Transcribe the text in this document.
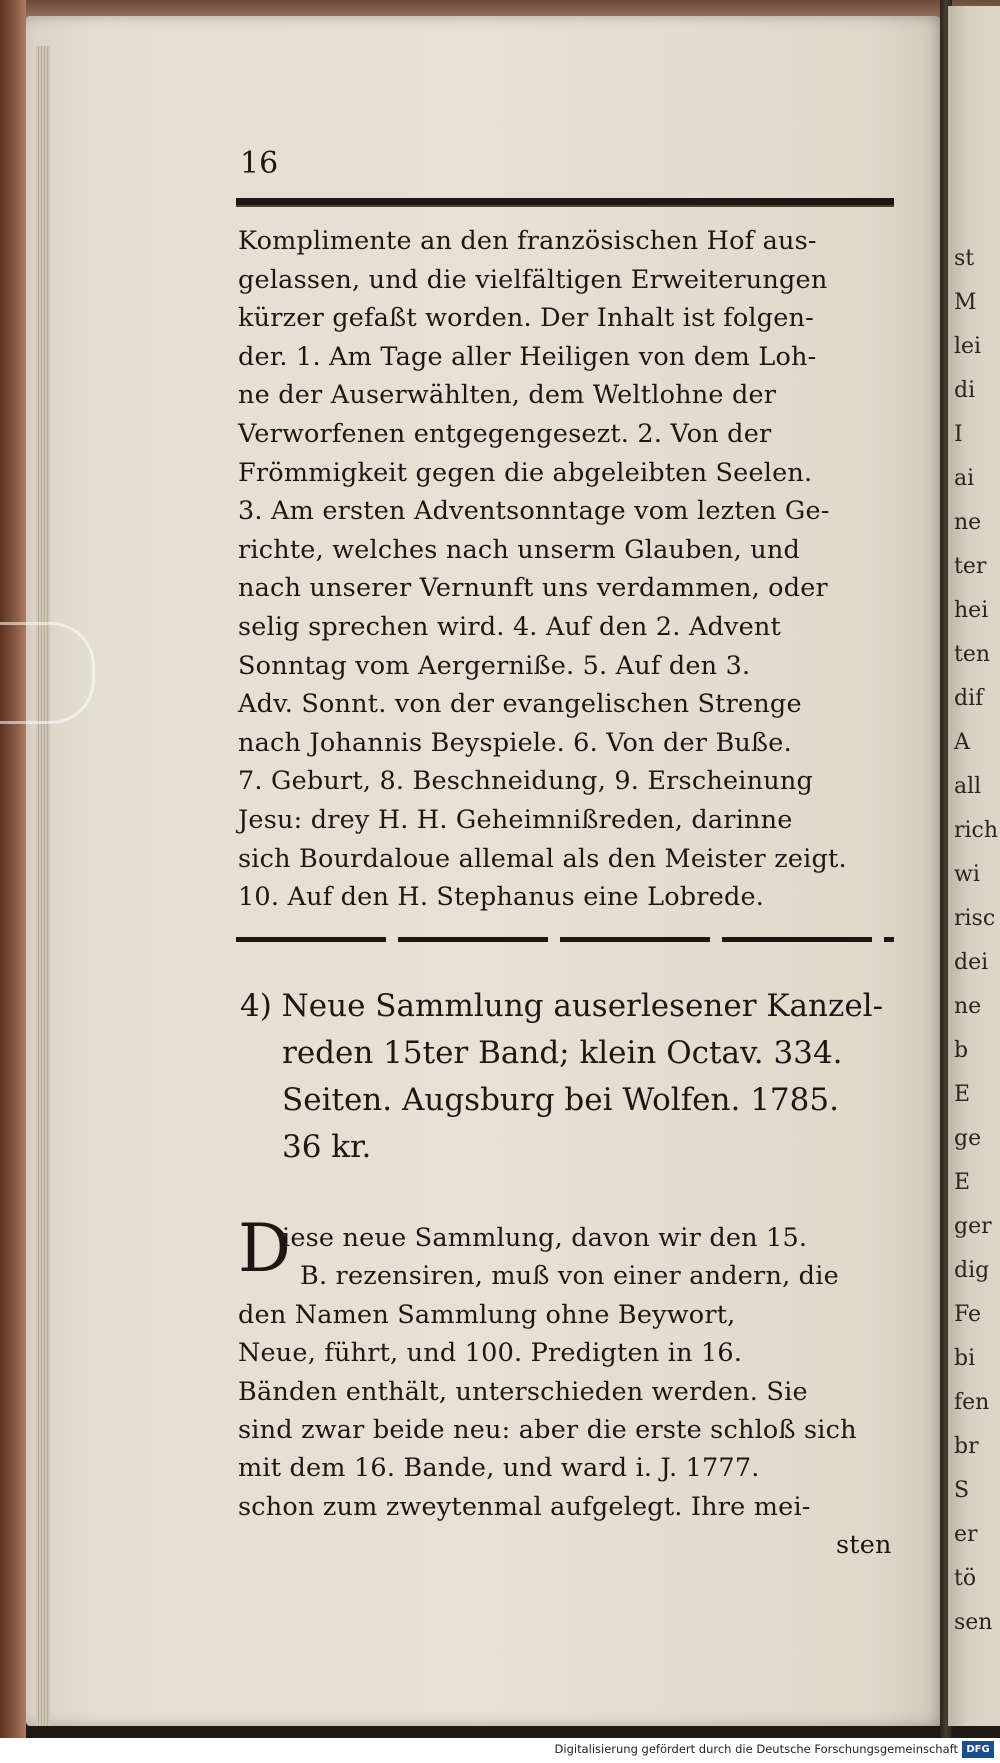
st
M
lei
di
I
ai
ne
ter
hei
ten
dif
A
all
rich
wi
risc
dei
ne
b
E
ge
E
ger
dig
Fe
bi
fen
br
S
er
tö
sen
16
Komplimente an den französischen Hof aus-
gelassen, und die vielfältigen Erweiterungen
kürzer gefaßt worden. Der Inhalt ist folgen-
der. 1. Am Tage aller Heiligen von dem Loh-
ne der Auserwählten, dem Weltlohne der
Verworfenen entgegengesezt. 2. Von der
Frömmigkeit gegen die abgeleibten Seelen.
3. Am ersten Adventsonntage vom lezten Ge-
richte, welches nach unserm Glauben, und
nach unserer Vernunft uns verdammen, oder
selig sprechen wird. 4. Auf den 2. Advent
Sonntag vom Aergerniße. 5. Auf den 3.
Adv. Sonnt. von der evangelischen Strenge
nach Johannis Beyspiele. 6. Von der Buße.
7. Geburt, 8. Beschneidung, 9. Erscheinung
Jesu: drey H. H. Geheimnißreden, darinne
sich Bourdaloue allemal als den Meister zeigt.
10. Auf den H. Stephanus eine Lobrede.
4) Neue Sammlung auserlesener Kanzel-
reden 15ter Band; klein Octav. 334.
Seiten. Augsburg bei Wolfen. 1785.
36 kr.
D
iese neue Sammlung, davon wir den 15.
B. rezensiren, muß von einer andern, die
den Namen Sammlung ohne Beywort,
Neue, führt, und 100. Predigten in 16.
Bänden enthält, unterschieden werden. Sie
sind zwar beide neu: aber die erste schloß sich
mit dem 16. Bande, und ward i. J. 1777.
schon zum zweytenmal aufgelegt. Ihre mei-
sten
Digitalisierung gefördert durch die Deutsche Forschungsgemeinschaft DFG
